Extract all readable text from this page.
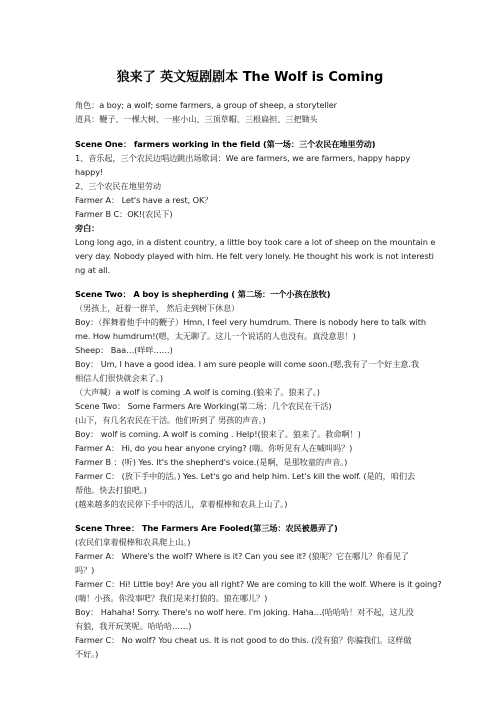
狼来了 英文短剧剧本 The Wolf is Coming
角色：a boy; a wolf; some farmers, a group of sheep, a storyteller
道具：鞭子、一棵大树、一座小山、三顶草帽、三根扁担、三把锄头
Scene One： farmers working in the field (第一场：三个农民在地里劳动)
1、音乐起，三个农民边唱边跳出场歌词：We are farmers, we are farmers, happy happy
happy!
2、三个农民在地里劳动
Farmer A： Let's have a rest, OK？
Farmer B C：OK!(农民下)
旁白：
Long long ago, in a distent country, a little boy took care a lot of sheep on the mountain e
very day. Nobody played with him. He felt very lonely. He thought his work is not interesti
ng at all.
Scene Two： A boy is shepherding ( 第二场：一个小孩在放牧)
（男孩上，赶着一群羊， 然后走到树下休息）
Boy：（挥舞着他手中的鞭子）Hmn, I feel very humdrum. There is nobody here to talk with
me. How humdrum!(嗯，太无聊了。这儿一个说话的人也没有。真没意思！)
Sheep： Baa…(咩咩……)
Boy： Um, I have a good idea. I am sure people will come soon.(嗯,我有了一个好主意.我
相信人们很快就会来了。)
（大声喊）a wolf is coming .A wolf is coming.(狼来了。狼来了。)
Scene Two： Some Farmers Are Working(第二场：几个农民在干活)
(山下，有几名农民在干活。他们听到了 男孩的声音。)
Boy： wolf is coming. A wolf is coming . Help!(狼来了。狼来了。救命啊！)
Farmer A： Hi, do you hear anyone crying? (嗨。你听见有人在喊叫吗？)
Farmer B ：(听) Yes. It's the shepherd's voice.(是啊，是那牧童的声音。)
Farmer C： (放下手中的活。) Yes. Let's go and help him. Let's kill the wolf. (是的，咱们去
帮他。快去打狼吧。)
(越来越多的农民停下手中的活儿，拿着棍棒和农具上山了。)
Scene Three： The Farmers Are Fooled(第三场：农民被愚弄了)
(农民们拿着棍棒和农具爬上山。)
Farmer A： Where's the wolf? Where is it? Can you see it? (狼呢？它在哪儿？你看见了
吗？)
Farmer C：Hi! Little boy! Are you all right? We are coming to kill the wolf. Where is it going?
(嗨！小孩。你没事吧？我们是来打狼的。狼在哪儿？)
Boy： Hahaha! Sorry. There's no wolf here. I'm joking. Haha…(哈哈哈！对不起，这儿没
有狼，我开玩笑呢。哈哈哈……)
Farmer C： No wolf? You cheat us. It is not good to do this. (没有狼？你骗我们。这样做
不好。)
